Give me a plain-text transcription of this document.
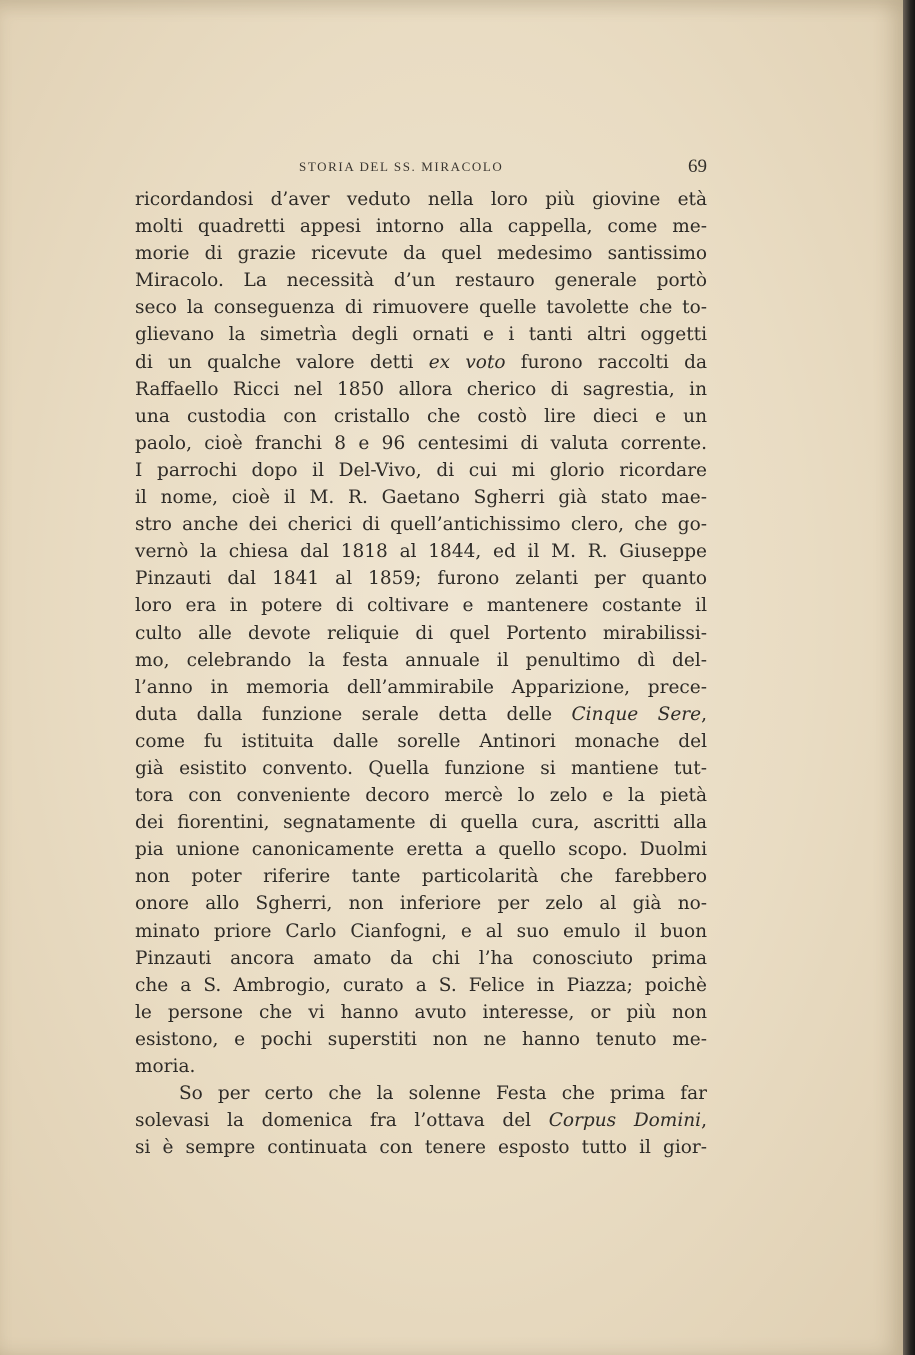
STORIA DEL SS. MIRACOLO	69
ricordandosi d’aver veduto nella loro più giovine età
molti quadretti appesi intorno alla cappella, come me-
morie di grazie ricevute da quel medesimo santissimo
Miracolo. La necessità d’un restauro generale portò
seco la conseguenza di rimuovere quelle tavolette che to-
glievano la simetrìa degli ornati e i tanti altri oggetti
di un qualche valore detti ex voto furono raccolti da
Raffaello Ricci nel 1850 allora cherico di sagrestia, in
una custodia con cristallo che costò lire dieci e un
paolo, cioè franchi 8 e 96 centesimi di valuta corrente.
I parrochi dopo il Del-Vivo, di cui mi glorio ricordare
il nome, cioè il M. R. Gaetano Sgherri già stato mae-
stro anche dei cherici di quell’antichissimo clero, che go-
vernò la chiesa dal 1818 al 1844, ed il M. R. Giuseppe
Pinzauti dal 1841 al 1859; furono zelanti per quanto
loro era in potere di coltivare e mantenere costante il
culto alle devote reliquie di quel Portento mirabilissi-
mo, celebrando la festa annuale il penultimo dì del-
l’anno in memoria dell’ammirabile Apparizione, prece-
duta dalla funzione serale detta delle Cinque Sere,
come fu istituita dalle sorelle Antinori monache del
già esistito convento. Quella funzione si mantiene tut-
tora con conveniente decoro mercè lo zelo e la pietà
dei fiorentini, segnatamente di quella cura, ascritti alla
pia unione canonicamente eretta a quello scopo. Duolmi
non poter riferire tante particolarità che farebbero
onore allo Sgherri, non inferiore per zelo al già no-
minato priore Carlo Cianfogni, e al suo emulo il buon
Pinzauti ancora amato da chi l’ha conosciuto prima
che a S. Ambrogio, curato a S. Felice in Piazza; poichè
le persone che vi hanno avuto interesse, or più non
esistono, e pochi superstiti non ne hanno tenuto me-
moria.
So per certo che la solenne Festa che prima far
solevasi la domenica fra l’ottava del Corpus Domini,
si è sempre continuata con tenere esposto tutto il gior-
